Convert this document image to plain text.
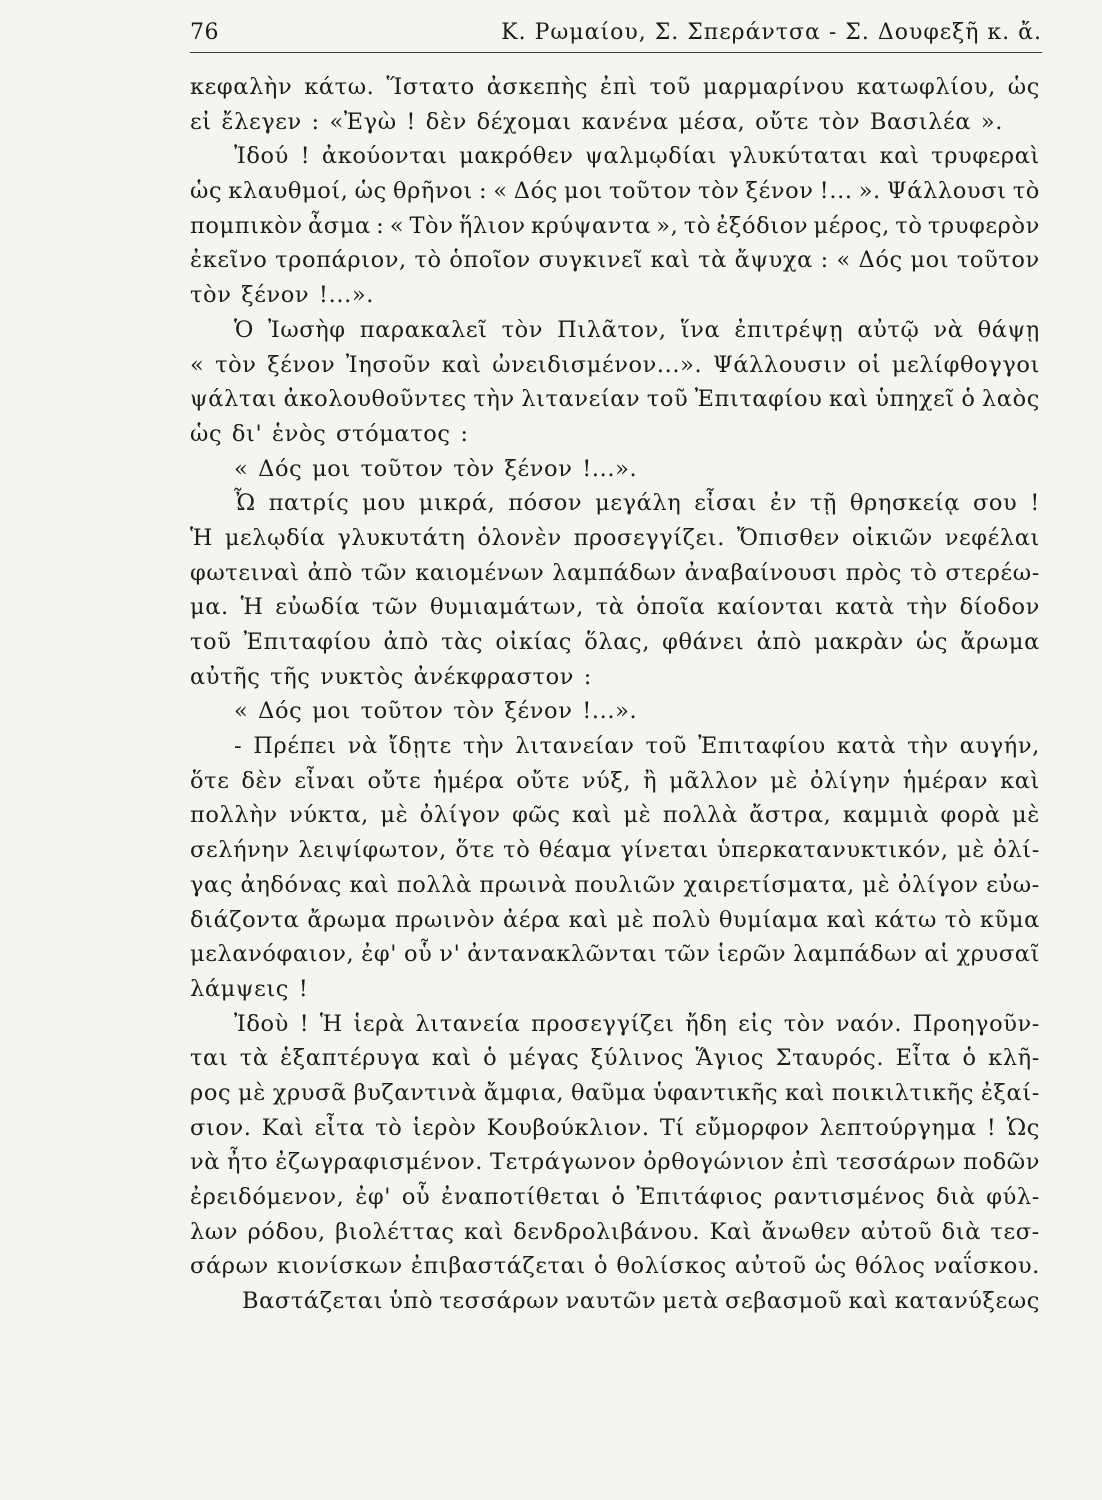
76	Κ. Ρωμαίου, Σ. Σπεράντσα - Σ. Δουφεξῆ κ. ἄ.
κεφαλὴν κάτω. Ἵστατο ἀσκεπὴς ἐπὶ τοῦ μαρμαρίνου κατωφλίου, ὡς
εἰ ἔλεγεν : «Ἐγὼ ! δὲν δέχομαι κανένα μέσα, οὔτε τὸν Βασιλέα ».
Ἰδού ! ἀκούονται μακρόθεν ψαλμῳδίαι γλυκύταται καὶ τρυφεραὶ
ὡς κλαυθμοί, ὡς θρῆνοι : « Δός μοι τοῦτον τὸν ξένον !... ». Ψάλλουσι τὸ
πομπικὸν ἆσμα : « Τὸν ἥλιον κρύψαντα », τὸ ἐξόδιον μέρος, τὸ τρυφερὸν
ἐκεῖνο τροπάριον, τὸ ὁποῖον συγκινεῖ καὶ τὰ ἄψυχα : « Δός μοι τοῦτον
τὸν ξένον !...».
Ὁ Ἰωσὴφ παρακαλεῖ τὸν Πιλᾶτον, ἵνα ἐπιτρέψῃ αὐτῷ νὰ θάψῃ
« τὸν ξένον Ἰησοῦν καὶ ὠνειδισμένον...». Ψάλλουσιν οἱ μελίφθογγοι
ψάλται ἀκολουθοῦντες τὴν λιτανείαν τοῦ Ἐπιταφίου καὶ ὑπηχεῖ ὁ λαὸς
ὡς δι' ἑνὸς στόματος :
« Δός μοι τοῦτον τὸν ξένον !...».
Ὦ πατρίς μου μικρά, πόσον μεγάλη εἶσαι ἐν τῇ θρησκείᾳ σου !
Ἡ μελῳδία γλυκυτάτη ὁλονὲν προσεγγίζει. Ὄπισθεν οἰκιῶν νεφέλαι
φωτειναὶ ἀπὸ τῶν καιομένων λαμπάδων ἀναβαίνουσι πρὸς τὸ στερέω-
μα. Ἡ εὐωδία τῶν θυμιαμάτων, τὰ ὁποῖα καίονται κατὰ τὴν δίοδον
τοῦ Ἐπιταφίου ἀπὸ τὰς οἰκίας ὅλας, φθάνει ἀπὸ μακρὰν ὡς ἄρωμα
αὐτῆς τῆς νυκτὸς ἀνέκφραστον :
« Δός μοι τοῦτον τὸν ξένον !...».
- Πρέπει νὰ ἴδῃτε τὴν λιτανείαν τοῦ Ἐπιταφίου κατὰ τὴν αυγήν,
ὅτε δὲν εἶναι οὔτε ἡμέρα οὔτε νύξ, ἢ μᾶλλον μὲ ὀλίγην ἡμέραν καὶ
πολλὴν νύκτα, μὲ ὀλίγον φῶς καὶ μὲ πολλὰ ἄστρα, καμμιὰ φορὰ μὲ
σελήνην λειψίφωτον, ὅτε τὸ θέαμα γίνεται ὑπερκατανυκτικόν, μὲ ὀλί-
γας ἀηδόνας καὶ πολλὰ πρωινὰ πουλιῶν χαιρετίσματα, μὲ ὀλίγον εὐω-
διάζοντα ἄρωμα πρωινὸν ἀέρα καὶ μὲ πολὺ θυμίαμα καὶ κάτω τὸ κῦμα
μελανόφαιον, ἐφ' οὗ ν' ἀντανακλῶνται τῶν ἱερῶν λαμπάδων αἱ χρυσαῖ
λάμψεις !
Ἰδοὺ ! Ἡ ἱερὰ λιτανεία προσεγγίζει ἤδη εἰς τὸν ναόν. Προηγοῦν-
ται τὰ ἑξαπτέρυγα καὶ ὁ μέγας ξύλινος Ἅγιος Σταυρός. Εἶτα ὁ κλῆ-
ρος μὲ χρυσᾶ βυζαντινὰ ἄμφια, θαῦμα ὑφαντικῆς καὶ ποικιλτικῆς ἐξαί-
σιον. Καὶ εἶτα τὸ ἱερὸν Κουβούκλιον. Τί εὔμορφον λεπτούργημα ! Ὡς
νὰ ἦτο ἐζωγραφισμένον. Τετράγωνον ὀρθογώνιον ἐπὶ τεσσάρων ποδῶν
ἐρειδόμενον, ἐφ' οὗ ἐναποτίθεται ὁ Ἐπιτάφιος ραντισμένος διὰ φύλ-
λων ρόδου, βιολέττας καὶ δενδρολιβάνου. Καὶ ἄνωθεν αὐτοῦ διὰ τεσ-
σάρων κιονίσκων ἐπιβαστάζεται ὁ θολίσκος αὐτοῦ ὡς θόλος ναΐσκου.
Βαστάζεται ὑπὸ τεσσάρων ναυτῶν μετὰ σεβασμοῦ καὶ κατανύξεως
